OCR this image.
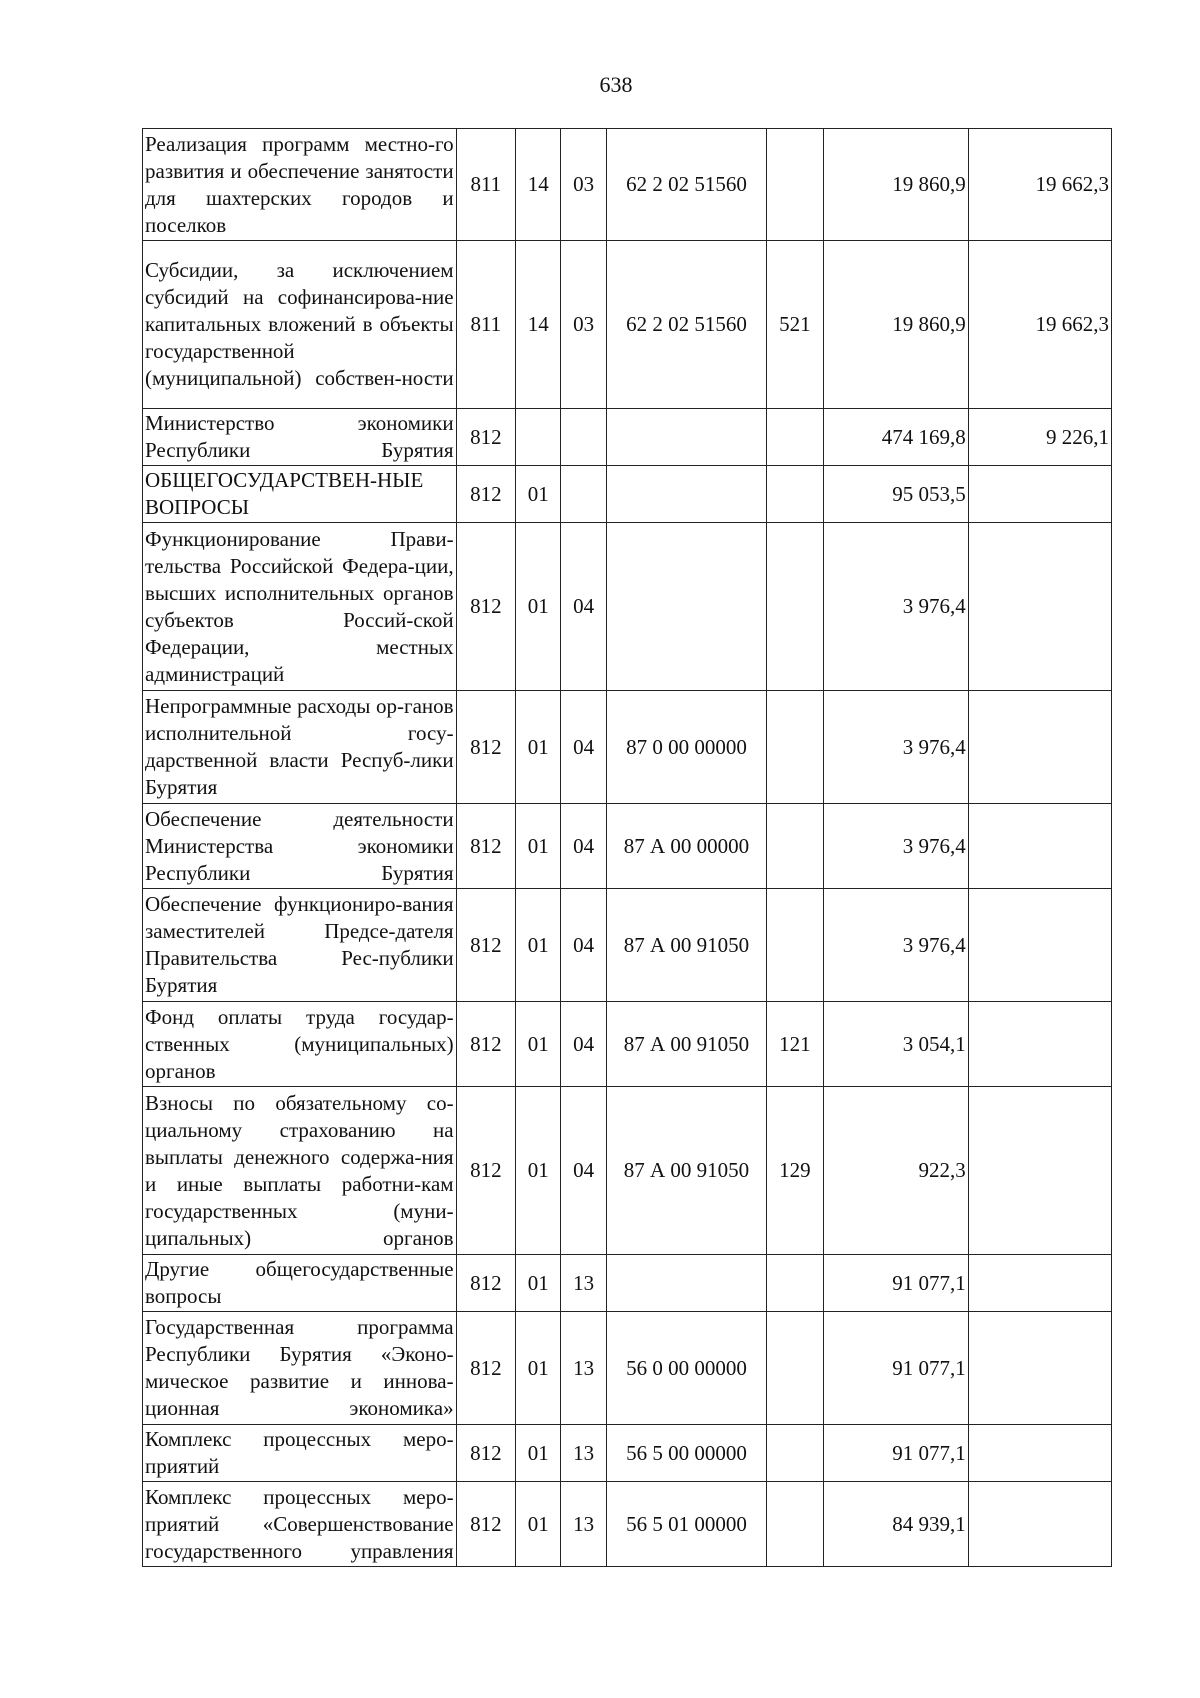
638
Реализация программ местно-го развития и обеспечение занятости для шахтерских городов и поселков	811	14	03	62 2 02 51560		19 860,9	19 662,3
Субсидии, за исключением субсидий на софинансирова-ние капитальных вложений в объекты государственной (муниципальной) собствен-ности	811	14	03	62 2 02 51560	521	19 860,9	19 662,3
Министерство экономики Республики Бурятия	812					474 169,8	9 226,1
ОБЩЕГОСУДАРСТВЕН-НЫЕ ВОПРОСЫ	812	01				95 053,5	
Функционирование Прави-тельства Российской Федера-ции, высших исполнительных органов субъектов Россий-ской Федерации, местных администраций	812	01	04			3 976,4	
Непрограммные расходы ор-ганов исполнительной госу-дарственной власти Респуб-лики Бурятия	812	01	04	87 0 00 00000		3 976,4	
Обеспечение деятельности Министерства экономики Республики Бурятия	812	01	04	87 А 00 00000		3 976,4	
Обеспечение функциониро-вания заместителей Предсе-дателя Правительства Рес-публики Бурятия	812	01	04	87 А 00 91050		3 976,4	
Фонд оплаты труда государ-ственных (муниципальных) органов	812	01	04	87 А 00 91050	121	3 054,1	
Взносы по обязательному со-циальному страхованию на выплаты денежного содержа-ния и иные выплаты работни-кам государственных (муни-ципальных) органов	812	01	04	87 А 00 91050	129	922,3	
Другие общегосударственные вопросы	812	01	13			91 077,1	
Государственная программа Республики Бурятия «Эконо-мическое развитие и иннова-ционная экономика»	812	01	13	56 0 00 00000		91 077,1	
Комплекс процессных меро-приятий	812	01	13	56 5 00 00000		91 077,1	
Комплекс процессных меро-приятий «Совершенствование государственного управления	812	01	13	56 5 01 00000		84 939,1	
